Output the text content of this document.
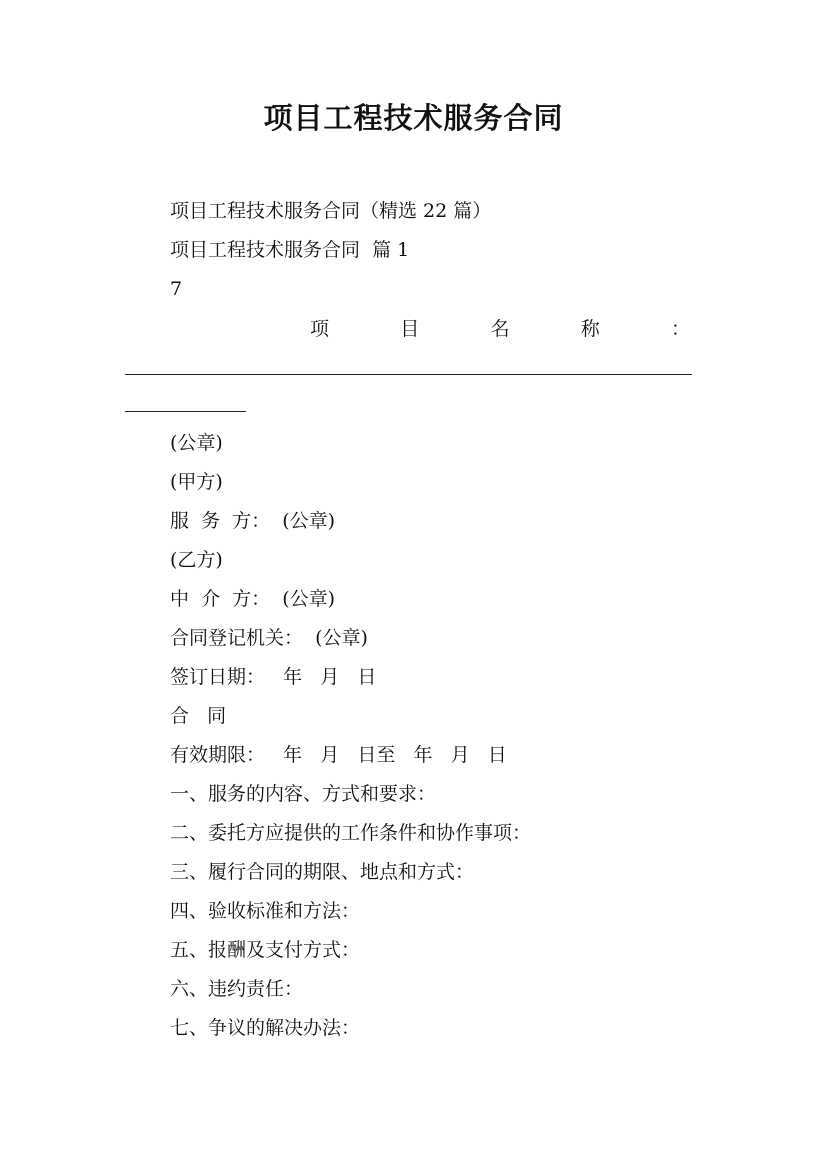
项目工程技术服务合同
项目工程技术服务合同（精选 22 篇）
项目工程技术服务合同  篇 1
7
项	目	名	称	：
(公章)
(甲方)
服  务  方：  (公章)
(乙方)
中  介  方：  (公章)
合同登记机关：  (公章)
签订日期：   年   月   日
合   同
有效期限：   年   月   日至   年   月   日
一、服务的内容、方式和要求：
二、委托方应提供的工作条件和协作事项：
三、履行合同的期限、地点和方式：
四、验收标准和方法：
五、报酬及支付方式：
六、违约责任：
七、争议的解决办法：
